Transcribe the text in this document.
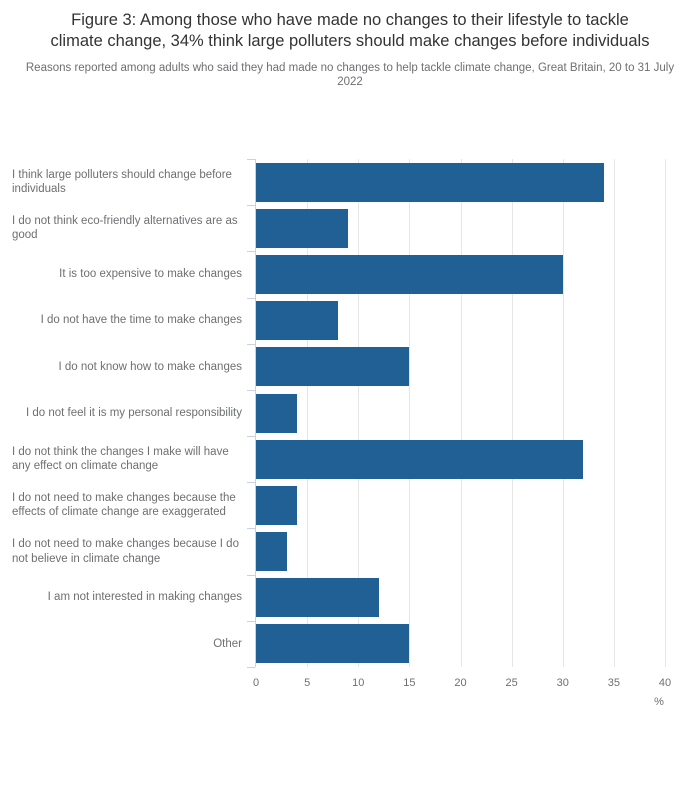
Figure 3: Among those who have made no changes to their lifestyle to tackle climate change, 34% think large polluters should make changes before individuals
Reasons reported among adults who said they had made no changes to help tackle climate change, Great Britain, 20 to 31 July 2022
I think large polluters should change before individuals
I do not think eco-friendly alternatives are as good
It is too expensive to make changes
I do not have the time to make changes
I do not know how to make changes
I do not feel it is my personal responsibility
I do not think the changes I make will have any effect on climate change
I do not need to make changes because the effects of climate change are exaggerated
I do not need to make changes because I do not believe in climate change
I am not interested in making changes
Other
0	5	10	15	20	25	30	35	40
%
